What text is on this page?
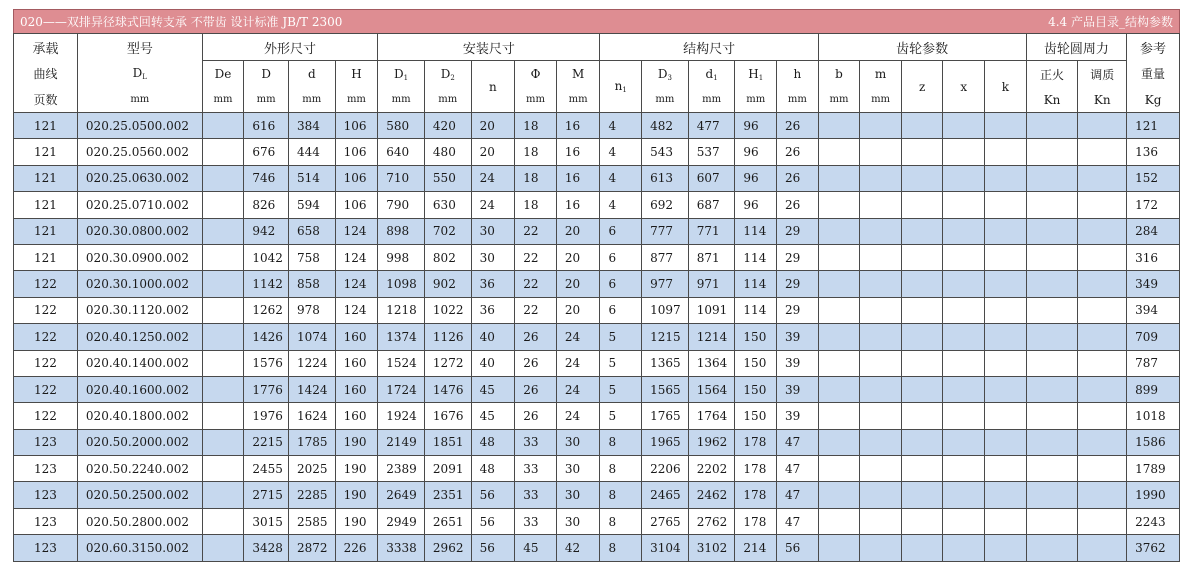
020——双排异径球式回转支承 不带齿 设计标准 JB/T 2300	4.4 产品目录_结构参数
承载	型号	外形尺寸				安装尺寸					结构尺寸					齿轮参数					齿轮圆周力		参考
曲线	$D_L$	De	D	d	H	$D_1$	$D_2$	n	Φ	M	$n_1$	$D_3$	$d_1$	$H_1$	h	b	m	z	x	k	正火	调质	重量
页数	mm	mm	mm	mm	mm	mm	mm		mm	mm		mm	mm	mm	mm	mm	mm				Kn	Kn	Kg
121	020.25.0500.002		616	384	106	580	420	20	18	16	4	482	477	96	26								121
121	020.25.0560.002		676	444	106	640	480	20	18	16	4	543	537	96	26								136
121	020.25.0630.002		746	514	106	710	550	24	18	16	4	613	607	96	26								152
121	020.25.0710.002		826	594	106	790	630	24	18	16	4	692	687	96	26								172
121	020.30.0800.002		942	658	124	898	702	30	22	20	6	777	771	114	29								284
121	020.30.0900.002		1042	758	124	998	802	30	22	20	6	877	871	114	29								316
122	020.30.1000.002		1142	858	124	1098	902	36	22	20	6	977	971	114	29								349
122	020.30.1120.002		1262	978	124	1218	1022	36	22	20	6	1097	1091	114	29								394
122	020.40.1250.002		1426	1074	160	1374	1126	40	26	24	5	1215	1214	150	39								709
122	020.40.1400.002		1576	1224	160	1524	1272	40	26	24	5	1365	1364	150	39								787
122	020.40.1600.002		1776	1424	160	1724	1476	45	26	24	5	1565	1564	150	39								899
122	020.40.1800.002		1976	1624	160	1924	1676	45	26	24	5	1765	1764	150	39								1018
123	020.50.2000.002		2215	1785	190	2149	1851	48	33	30	8	1965	1962	178	47								1586
123	020.50.2240.002		2455	2025	190	2389	2091	48	33	30	8	2206	2202	178	47								1789
123	020.50.2500.002		2715	2285	190	2649	2351	56	33	30	8	2465	2462	178	47								1990
123	020.50.2800.002		3015	2585	190	2949	2651	56	33	30	8	2765	2762	178	47								2243
123	020.60.3150.002		3428	2872	226	3338	2962	56	45	42	8	3104	3102	214	56								3762
